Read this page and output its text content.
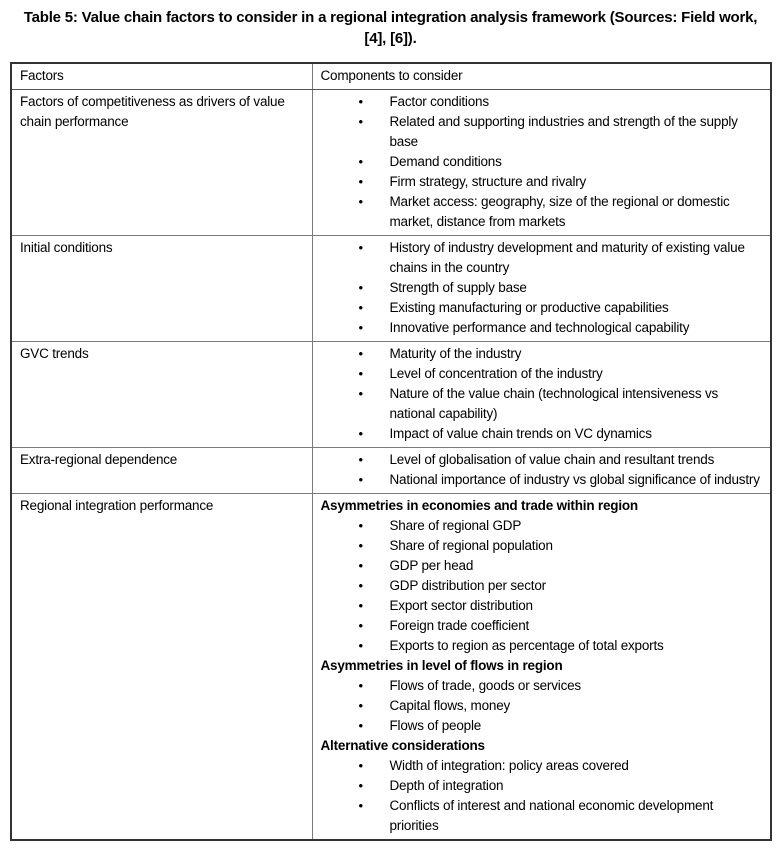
Table 5: Value chain factors to consider in a regional integration analysis framework (Sources: Field work, [4], [6]).
Factors	Components to consider
Factors of competitiveness as drivers of value chain performance	
•	Factor conditions
•	Related and supporting industries and strength of the supply base
•	Demand conditions
•	Firm strategy, structure and rivalry
•	Market access: geography, size of the regional or domestic market, distance from markets

Initial conditions	•	History of industry development and maturity of existing value chains in the country
•	Strength of supply base
•	Existing manufacturing or productive capabilities
•	Innovative performance and technological capability

GVC trends	•	Maturity of the industry
•	Level of concentration of the industry
•	Nature of the value chain (technological intensiveness vs national capability)
•	Impact of value chain trends on VC dynamics

Extra-regional dependence	• Level of globalisation of value chain and resultant trends
• National importance of industry vs global significance of industry

Regional integration performance	Asymmetries in economies and trade within region
•	Share of regional GDP
•	Share of regional population
•	GDP per head
•	GDP distribution per sector
•	Export sector distribution
•	Foreign trade coefficient
•	Exports to region as percentage of total exports
Asymmetries in level of flows in region
•	Flows of trade, goods or services
•	Capital flows, money
•	Flows of people
Alternative considerations
•	Width of integration: policy areas covered
•	Depth of integration
•	Conflicts of interest and national economic development priorities
